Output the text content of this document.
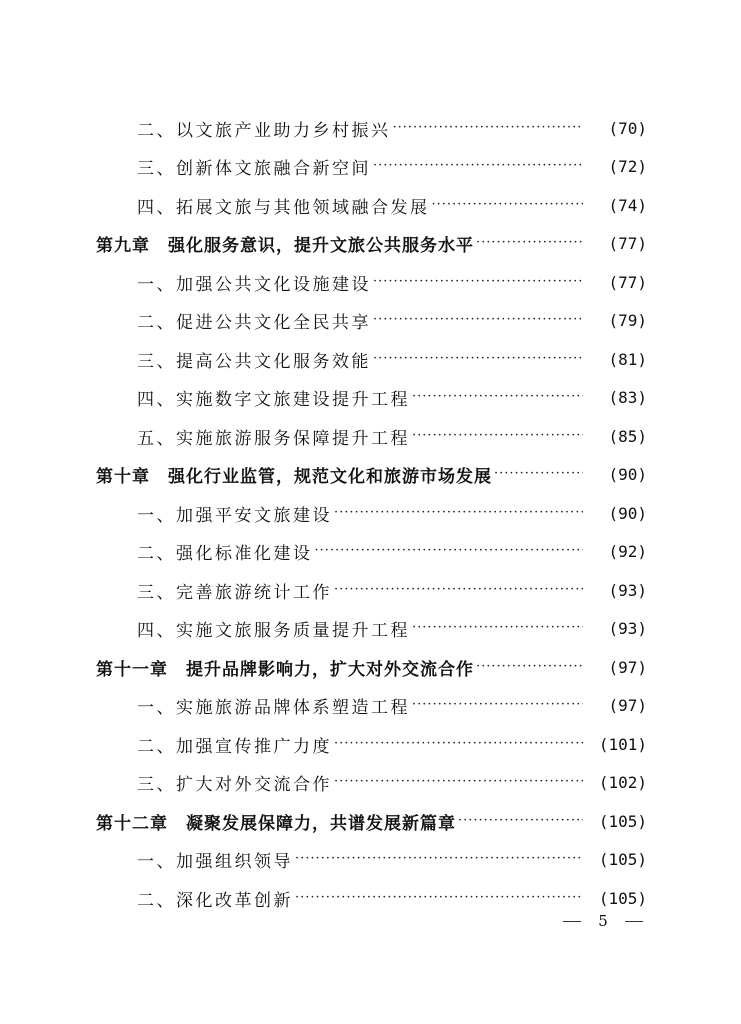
二、以文旅产业助力乡村振兴 ·····	(70)
三、创新体文旅融合新空间 ·····	(72)
四、拓展文旅与其他领域融合发展 ·····	(74)
第九章　强化服务意识，提升文旅公共服务水平 ·····	(77)
一、加强公共文化设施建设 ·····	(77)
二、促进公共文化全民共享 ·····	(79)
三、提高公共文化服务效能 ·····	(81)
四、实施数字文旅建设提升工程 ·····	(83)
五、实施旅游服务保障提升工程 ·····	(85)
第十章　强化行业监管，规范文化和旅游市场发展 ·····	(90)
一、加强平安文旅建设 ·····	(90)
二、强化标准化建设 ·····	(92)
三、完善旅游统计工作 ·····	(93)
四、实施文旅服务质量提升工程 ·····	(93)
第十一章　提升品牌影响力，扩大对外交流合作 ·····	(97)
一、实施旅游品牌体系塑造工程 ·····	(97)
二、加强宣传推广力度 ·····	(101)
三、扩大对外交流合作 ·····	(102)
第十二章　凝聚发展保障力，共谱发展新篇章 ·····	(105)
一、加强组织领导 ·····	(105)
二、深化改革创新 ·····	(105)
5
